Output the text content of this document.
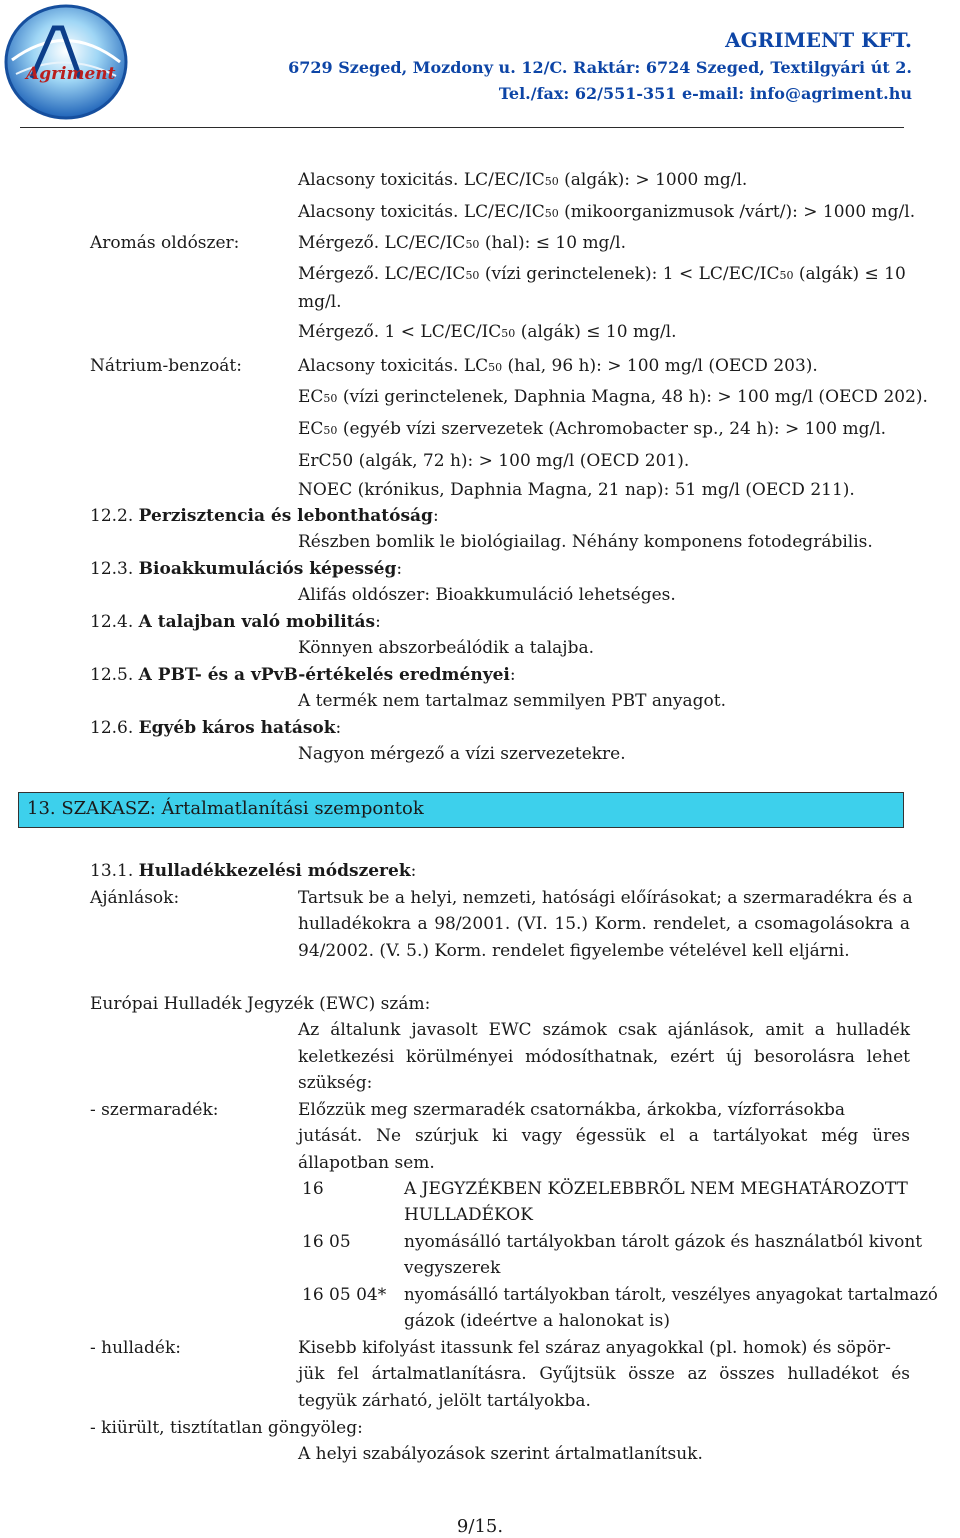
Agriment
AGRIMENT KFT.
6729 Szeged, Mozdony u. 12/C. Raktár: 6724 Szeged, Textilgyári út 2.
Tel./fax: 62/551-351 e-mail: info@agriment.hu
Alacsony toxicitás. LC/EC/IC50 (algák): > 1000 mg/l.
Alacsony toxicitás. LC/EC/IC50 (mikoorganizmusok /várt/): > 1000 mg/l.
Aromás oldószer:	Mérgező. LC/EC/IC50 (hal): ≤ 10 mg/l.
Mérgező. LC/EC/IC50 (vízi gerinctelenek): 1 < LC/EC/IC50 (algák) ≤ 10
mg/l.
Mérgező. 1 < LC/EC/IC50 (algák) ≤ 10 mg/l.
Nátrium-benzoát:	Alacsony toxicitás. LC50 (hal, 96 h): > 100 mg/l (OECD 203).
EC50 (vízi gerinctelenek, Daphnia Magna, 48 h): > 100 mg/l (OECD 202).
EC50 (egyéb vízi szervezetek (Achromobacter sp., 24 h): > 100 mg/l.
ErC50 (algák, 72 h): > 100 mg/l (OECD 201).
NOEC (krónikus, Daphnia Magna, 21 nap): 51 mg/l (OECD 211).
12.2. Perzisztencia és lebonthatóság:
Részben bomlik le biológiailag. Néhány komponens fotodegrábilis.
12.3. Bioakkumulációs képesség:
Alifás oldószer: Bioakkumuláció lehetséges.
12.4. A talajban való mobilitás:
Könnyen abszorbeálódik a talajba.
12.5. A PBT- és a vPvB-értékelés eredményei:
A termék nem tartalmaz semmilyen PBT anyagot.
12.6. Egyéb káros hatások:
Nagyon mérgező a vízi szervezetekre.
13. SZAKASZ: Ártalmatlanítási szempontok
13.1. Hulladékkezelési módszerek:
Ajánlások:	Tartsuk be a helyi, nemzeti, hatósági előírásokat; a szermaradékra és a
hulladékokra a 98/2001. (VI. 15.) Korm. rendelet, a csomagolásokra a
94/2002. (V. 5.) Korm. rendelet figyelembe vételével kell eljárni.
Európai Hulladék Jegyzék (EWC) szám:
Az általunk javasolt EWC számok csak ajánlások, amit a hulladék
keletkezési körülményei módosíthatnak, ezért új besorolásra lehet
szükség:
- szermaradék:	Előzzük meg szermaradék csatornákba, árkokba, vízforrásokba
jutását. Ne szúrjuk ki vagy égessük el a tartályokat még üres
állapotban sem.
16	A JEGYZÉKBEN KÖZELEBBRŐL NEM MEGHATÁROZOTT
HULLADÉKOK
16 05	nyomásálló tartályokban tárolt gázok és használatból kivont
vegyszerek
16 05 04* nyomásálló tartályokban tárolt, veszélyes anyagokat tartalmazó
gázok (ideértve a halonokat is)
- hulladék:	Kisebb kifolyást itassunk fel száraz anyagokkal (pl. homok) és söpör-
jük fel ártalmatlanításra. Gyűjtsük össze az összes hulladékot és
tegyük zárható, jelölt tartályokba.
- kiürült, tisztítatlan göngyöleg:
A helyi szabályozások szerint ártalmatlanítsuk.
9/15.
